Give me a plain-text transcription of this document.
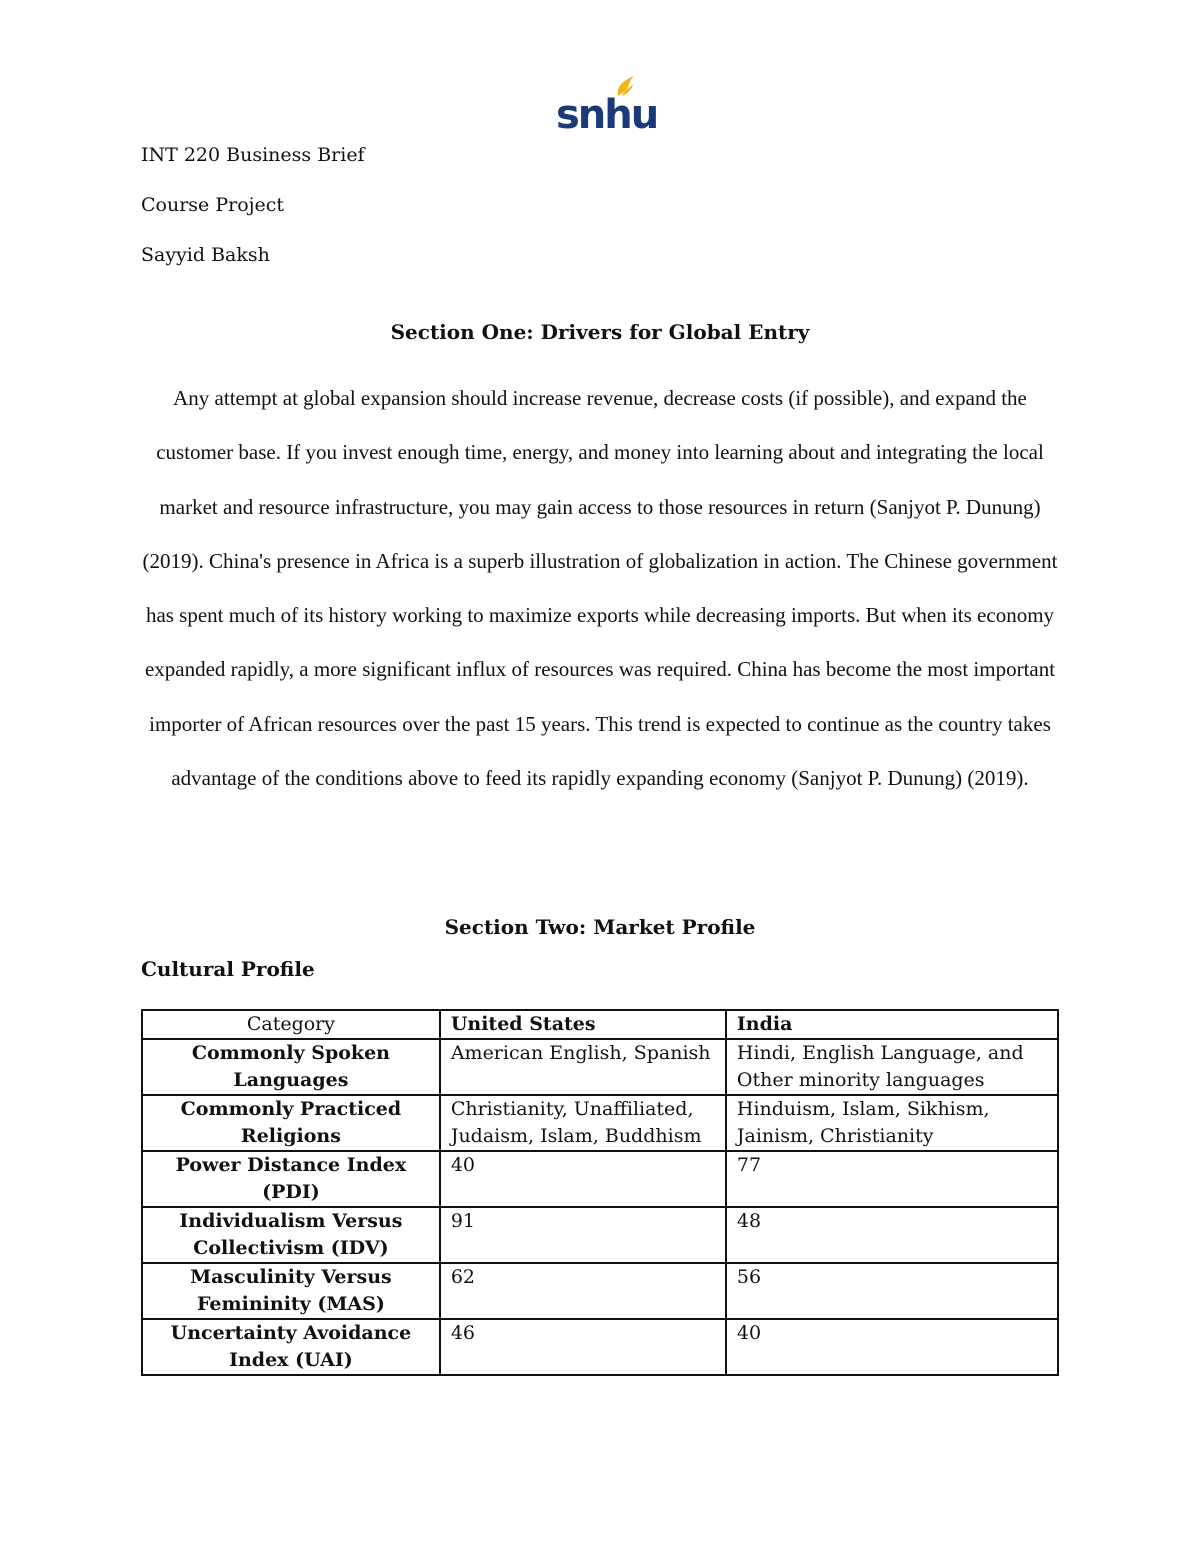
snhu
INT 220 Business Brief
Course Project
Sayyid Baksh
Section One: Drivers for Global Entry

Any attempt at global expansion should increase revenue, decrease costs (if possible), and expand the customer base. If you invest enough time, energy, and money into learning about and integrating the local market and resource infrastructure, you may gain access to those resources in return (Sanjyot P. Dunung) (2019). China's presence in Africa is a superb illustration of globalization in action. The Chinese government has spent much of its history working to maximize exports while decreasing imports. But when its economy expanded rapidly, a more significant influx of resources was required. China has become the most important importer of African resources over the past 15 years. This trend is expected to continue as the country takes advantage of the conditions above to feed its rapidly expanding economy (Sanjyot P. Dunung) (2019).

Section Two: Market Profile
Cultural Profile
Category	United States	India
Commonly Spoken Languages	American English, Spanish	Hindi, English Language, and Other minority languages
Commonly Practiced Religions	Christianity, Unaffiliated, Judaism, Islam, Buddhism	Hinduism, Islam, Sikhism, Jainism, Christianity
Power Distance Index (PDI)	40	77
Individualism Versus Collectivism (IDV)	91	48
Masculinity Versus Femininity (MAS)	62	56
Uncertainty Avoidance Index (UAI)	46	40
